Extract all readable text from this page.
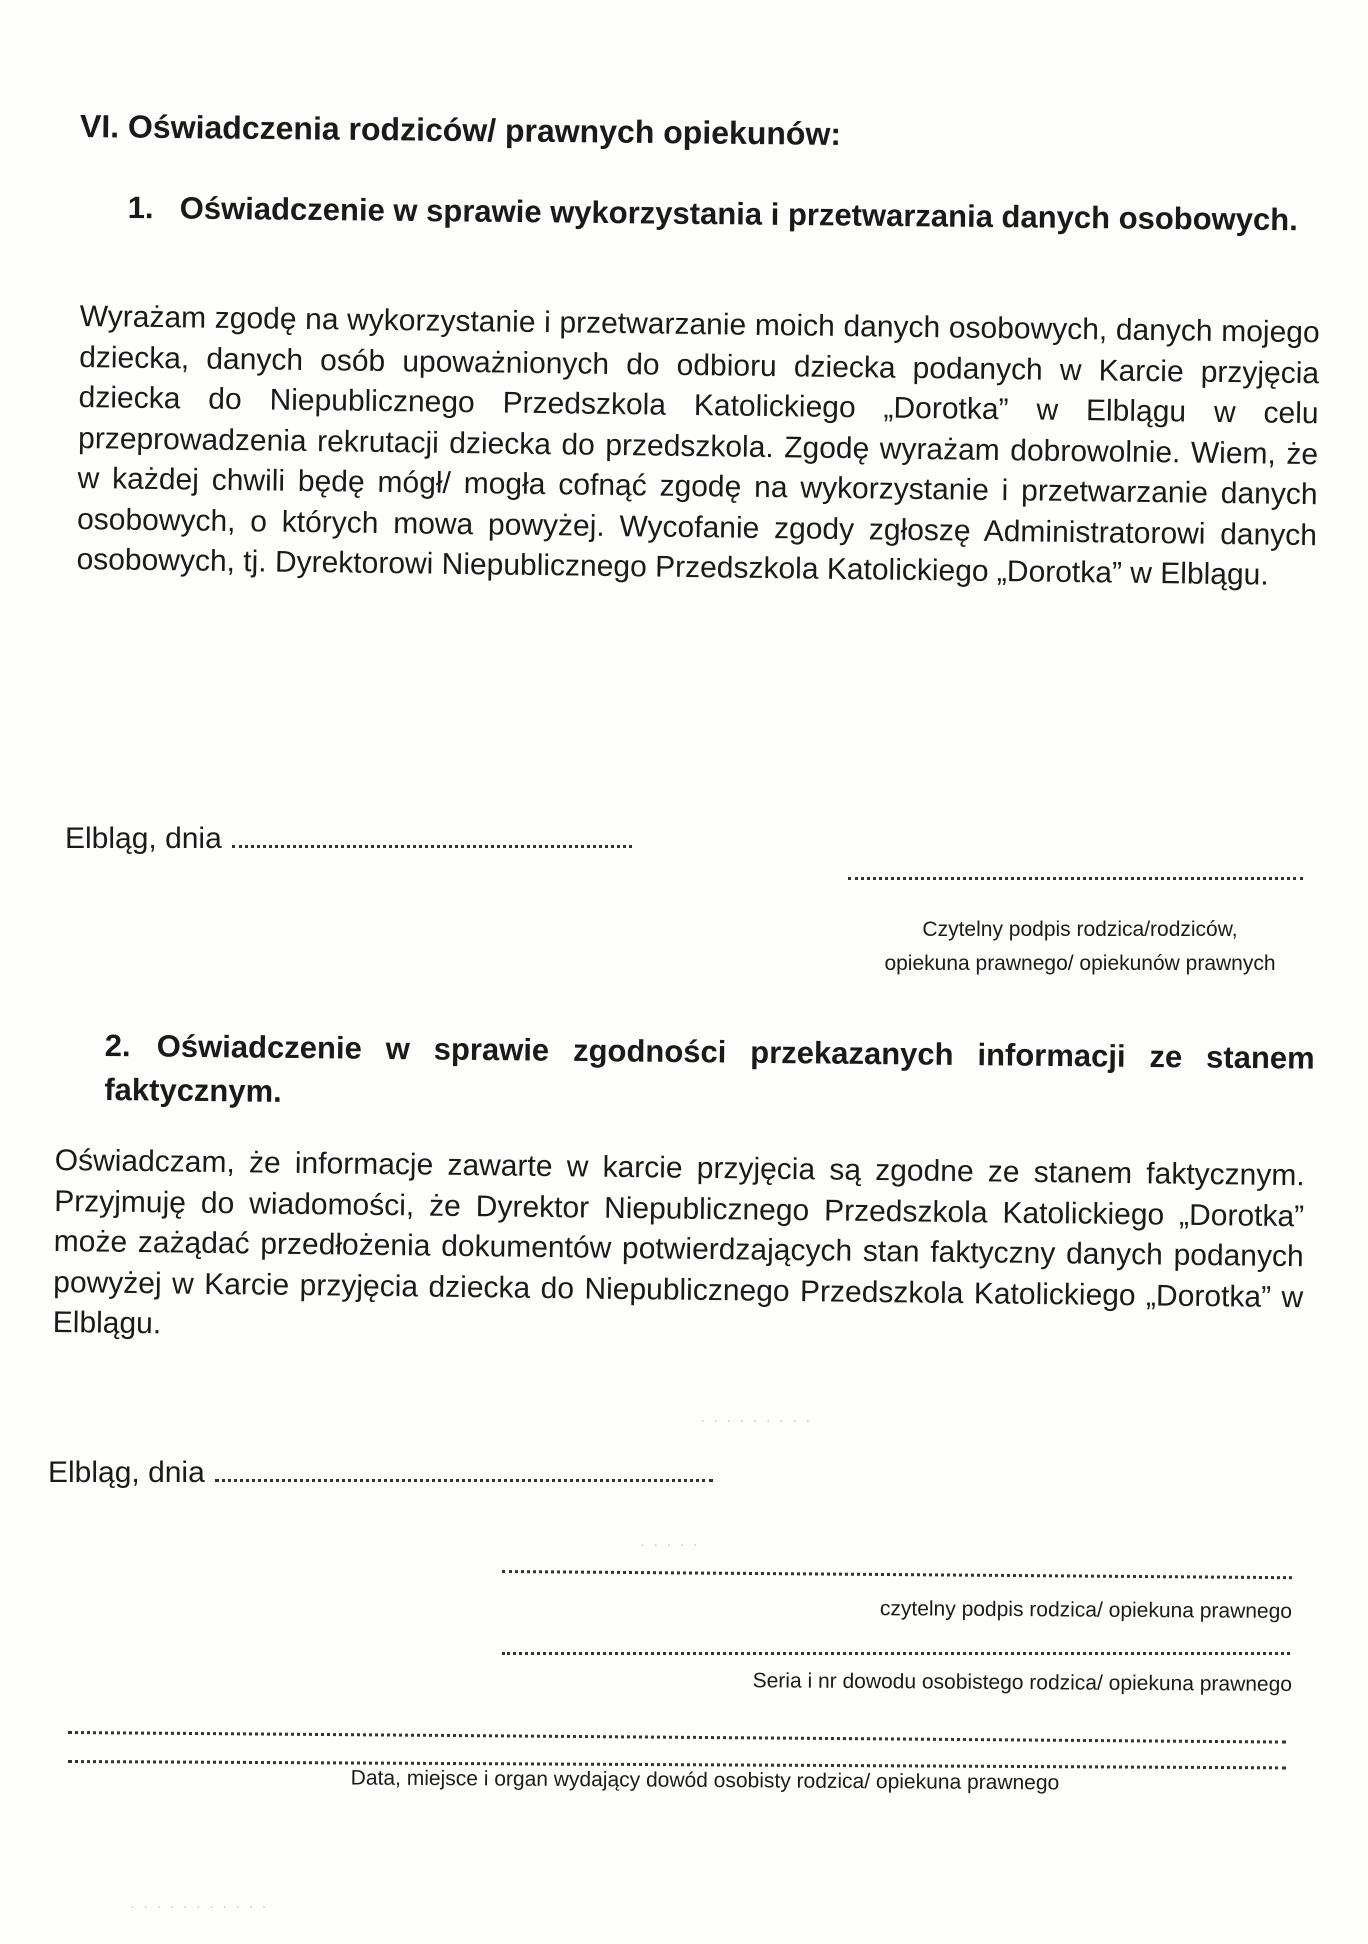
· · · · · · · · ·
· · · · ·
· · · · · · · · · · ·
VI. Oświadczenia rodziców/ prawnych opiekunów:
1. Oświadczenie w sprawie wykorzystania i przetwarzania danych osobowych.
Wyrażam zgodę na wykorzystanie i przetwarzanie moich danych osobowych, danych mojego dziecka, danych osób upoważnionych do odbioru dziecka podanych w Karcie przyjęcia dziecka do Niepublicznego Przedszkola Katolickiego „Dorotka” w Elblągu w celu przeprowadzenia rekrutacji dziecka do przedszkola. Zgodę wyrażam dobrowolnie. Wiem, że w każdej chwili będę mógł/ mogła cofnąć zgodę na wykorzystanie i przetwarzanie danych osobowych, o których mowa powyżej. Wycofanie zgody zgłoszę Administratorowi danych osobowych, tj. Dyrektorowi Niepublicznego Przedszkola Katolickiego „Dorotka” w Elblągu.
Elbląg, dnia
Czytelny podpis rodzica/rodziców,
opiekuna prawnego/ opiekunów prawnych
2. Oświadczenie w sprawie zgodności przekazanych informacji ze stanem faktycznym.
Oświadczam, że informacje zawarte w karcie przyjęcia są zgodne ze stanem faktycznym. Przyjmuję do wiadomości, że Dyrektor Niepublicznego Przedszkola Katolickiego „Dorotka” może zażądać przedłożenia dokumentów potwierdzających stan faktyczny danych podanych powyżej w Karcie przyjęcia dziecka do Niepublicznego Przedszkola Katolickiego „Dorotka” w Elblągu.
Elbląg, dnia
czytelny podpis rodzica/ opiekuna prawnego
Seria i nr dowodu osobistego rodzica/ opiekuna prawnego
Data, miejsce i organ wydający dowód osobisty rodzica/ opiekuna prawnego
